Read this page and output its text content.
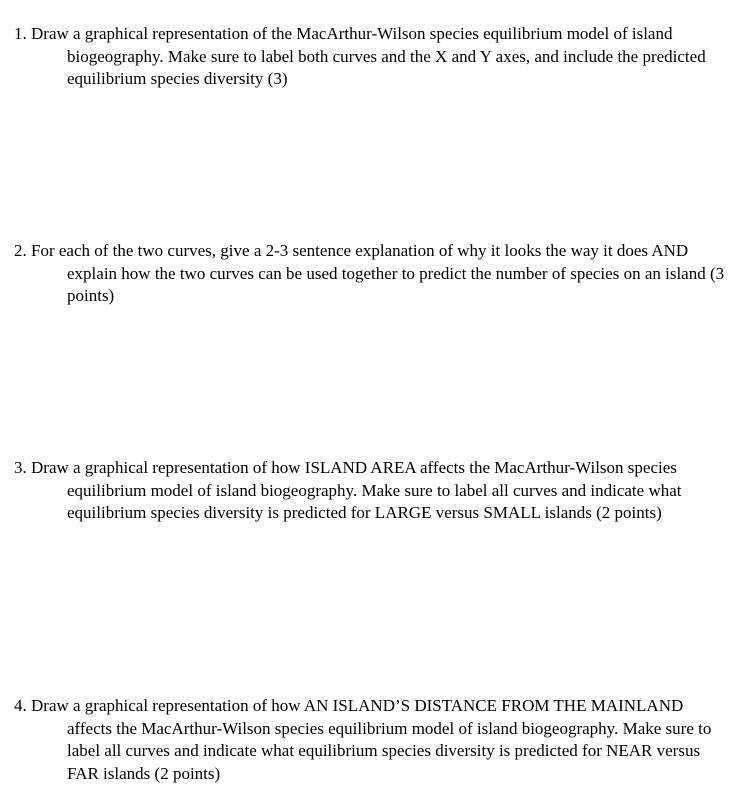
1. Draw a graphical representation of the MacArthur-Wilson species equilibrium model of island biogeography. Make sure to label both curves and the X and Y axes, and include the predicted equilibrium species diversity (3)

2. For each of the two curves, give a 2-3 sentence explanation of why it looks the way it does AND explain how the two curves can be used together to predict the number of species on an island (3 points)

3. Draw a graphical representation of how ISLAND AREA affects the MacArthur-Wilson species equilibrium model of island biogeography. Make sure to label all curves and indicate what equilibrium species diversity is predicted for LARGE versus SMALL islands (2 points)

4. Draw a graphical representation of how AN ISLAND’S DISTANCE FROM THE MAINLAND affects the MacArthur-Wilson species equilibrium model of island biogeography. Make sure to label all curves and indicate what equilibrium species diversity is predicted for NEAR versus FAR islands (2 points)
